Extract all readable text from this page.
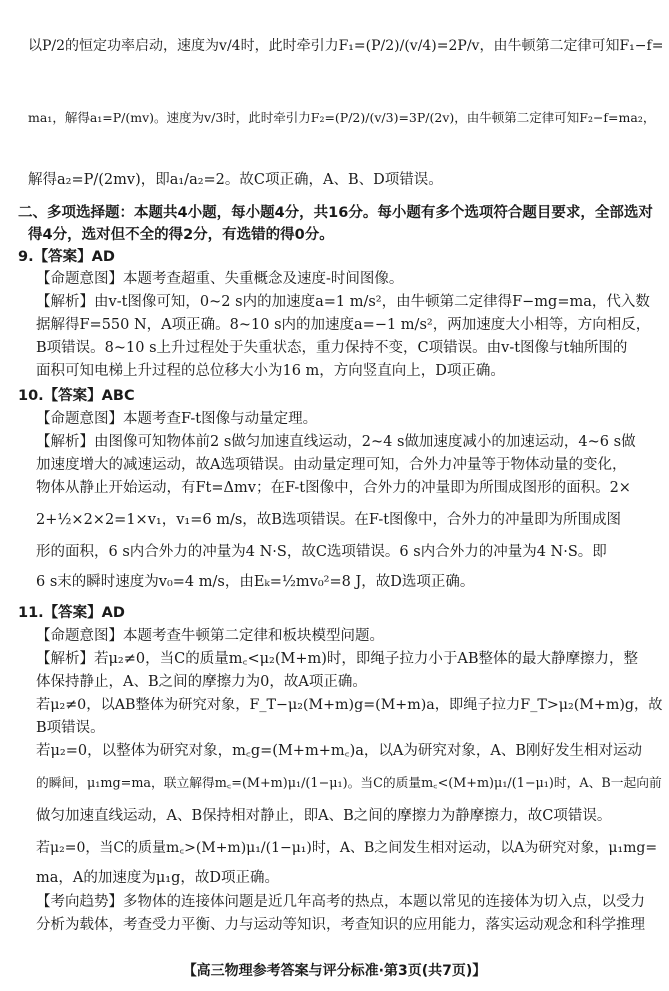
以P/2的恒定功率启动，速度为v/4时，此时牵引力F₁=(P/2)/(v/4)=2P/v，由牛顿第二定律可知F₁−f=
ma₁，解得a₁=P/(mv)。速度为v/3时，此时牵引力F₂=(P/2)/(v/3)=3P/(2v)，由牛顿第二定律可知F₂−f=ma₂，
解得a₂=P/(2mv)，即a₁/a₂=2。故C项正确，A、B、D项错误。
二、多项选择题：本题共4小题，每小题4分，共16分。每小题有多个选项符合题目要求，全部选对
得4分，选对但不全的得2分，有选错的得0分。
9.【答案】AD
【命题意图】本题考查超重、失重概念及速度-时间图像。
【解析】由v-t图像可知，0~2 s内的加速度a=1 m/s²，由牛顿第二定律得F−mg=ma，代入数
据解得F=550 N，A项正确。8~10 s内的加速度a=−1 m/s²，两加速度大小相等，方向相反，
B项错误。8~10 s上升过程处于失重状态，重力保持不变，C项错误。由v-t图像与t轴所围的
面积可知电梯上升过程的总位移大小为16 m，方向竖直向上，D项正确。
10.【答案】ABC
【命题意图】本题考查F-t图像与动量定理。
【解析】由图像可知物体前2 s做匀加速直线运动，2~4 s做加速度减小的加速运动，4~6 s做
加速度增大的减速运动，故A选项错误。由动量定理可知，合外力冲量等于物体动量的变化，
物体从静止开始运动，有Ft=Δmv；在F-t图像中，合外力的冲量即为所围成图形的面积。2×
2+½×2×2=1×v₁，v₁=6 m/s，故B选项错误。在F-t图像中，合外力的冲量即为所围成图
形的面积，6 s内合外力的冲量为4 N·S，故C选项错误。6 s内合外力的冲量为4 N·S。即
6 s末的瞬时速度为v₀=4 m/s，由Eₖ=½mv₀²=8 J，故D选项正确。
11.【答案】AD
【命题意图】本题考查牛顿第二定律和板块模型问题。
【解析】若μ₂≠0，当C的质量m꜀<μ₂(M+m)时，即绳子拉力小于AB整体的最大静摩擦力，整
体保持静止，A、B之间的摩擦力为0，故A项正确。
若μ₂≠0，以AB整体为研究对象，F_T−μ₂(M+m)g=(M+m)a，即绳子拉力F_T>μ₂(M+m)g，故
B项错误。
若μ₂=0，以整体为研究对象，m꜀g=(M+m+m꜀)a，以A为研究对象，A、B刚好发生相对运动
的瞬间，μ₁mg=ma，联立解得m꜀=(M+m)μ₁/(1−μ₁)。当C的质量m꜀<(M+m)μ₁/(1−μ₁)时，A、B一起向前
做匀加速直线运动，A、B保持相对静止，即A、B之间的摩擦力为静摩擦力，故C项错误。
若μ₂=0，当C的质量m꜀>(M+m)μ₁/(1−μ₁)时，A、B之间发生相对运动，以A为研究对象，μ₁mg=
ma，A的加速度为μ₁g，故D项正确。
【考向趋势】多物体的连接体问题是近几年高考的热点，本题以常见的连接体为切入点，以受力
分析为载体，考查受力平衡、力与运动等知识，考查知识的应用能力，落实运动观念和科学推理
【高三物理参考答案与评分标准·第3页(共7页)】
